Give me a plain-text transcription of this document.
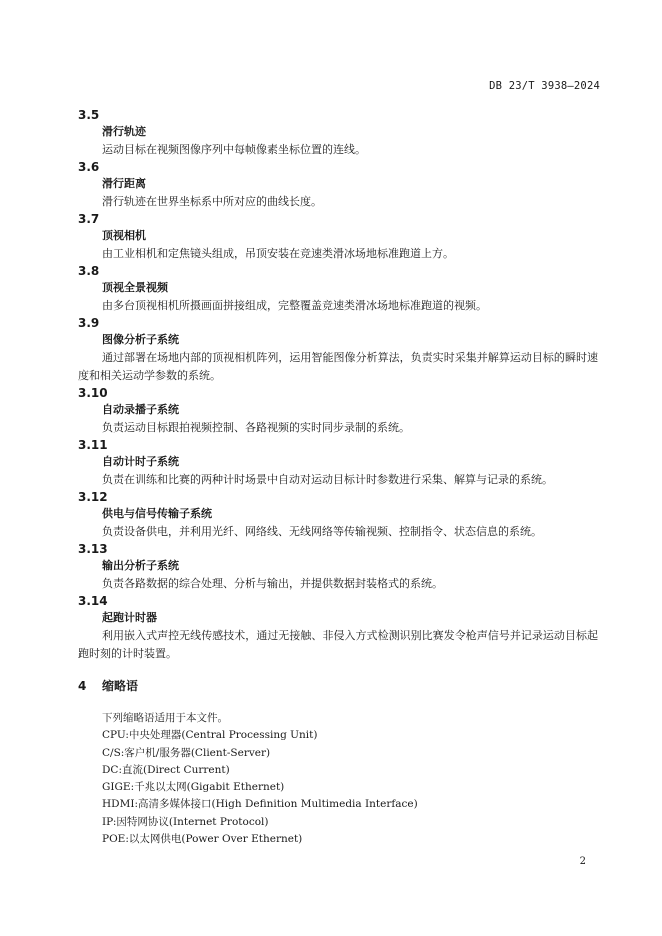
DB 23/T 3938—2024
3.5
滑行轨迹
运动目标在视频图像序列中每帧像素坐标位置的连线。
3.6
滑行距离
滑行轨迹在世界坐标系中所对应的曲线长度。
3.7
顶视相机
由工业相机和定焦镜头组成，吊顶安装在竞速类滑冰场地标准跑道上方。
3.8
顶视全景视频
由多台顶视相机所摄画面拼接组成，完整覆盖竞速类滑冰场地标准跑道的视频。
3.9
图像分析子系统
通过部署在场地内部的顶视相机阵列，运用智能图像分析算法，负责实时采集并解算运动目标的瞬时速度和相关运动学参数的系统。
3.10
自动录播子系统
负责运动目标跟拍视频控制、各路视频的实时同步录制的系统。
3.11
自动计时子系统
负责在训练和比赛的两种计时场景中自动对运动目标计时参数进行采集、解算与记录的系统。
3.12
供电与信号传输子系统
负责设备供电，并利用光纤、网络线、无线网络等传输视频、控制指令、状态信息的系统。
3.13
输出分析子系统
负责各路数据的综合处理、分析与输出，并提供数据封装格式的系统。
3.14
起跑计时器
利用嵌入式声控无线传感技术，通过无接触、非侵入方式检测识别比赛发令枪声信号并记录运动目标起跑时刻的计时装置。
4 缩略语
下列缩略语适用于本文件。
CPU:中央处理器(Central Processing Unit)
C/S:客户机/服务器(Client-Server)
DC:直流(Direct Current)
GIGE:千兆以太网(Gigabit Ethernet)
HDMI:高清多媒体接口(High Definition Multimedia Interface)
IP:因特网协议(Internet Protocol)
POE:以太网供电(Power Over Ethernet)
2
